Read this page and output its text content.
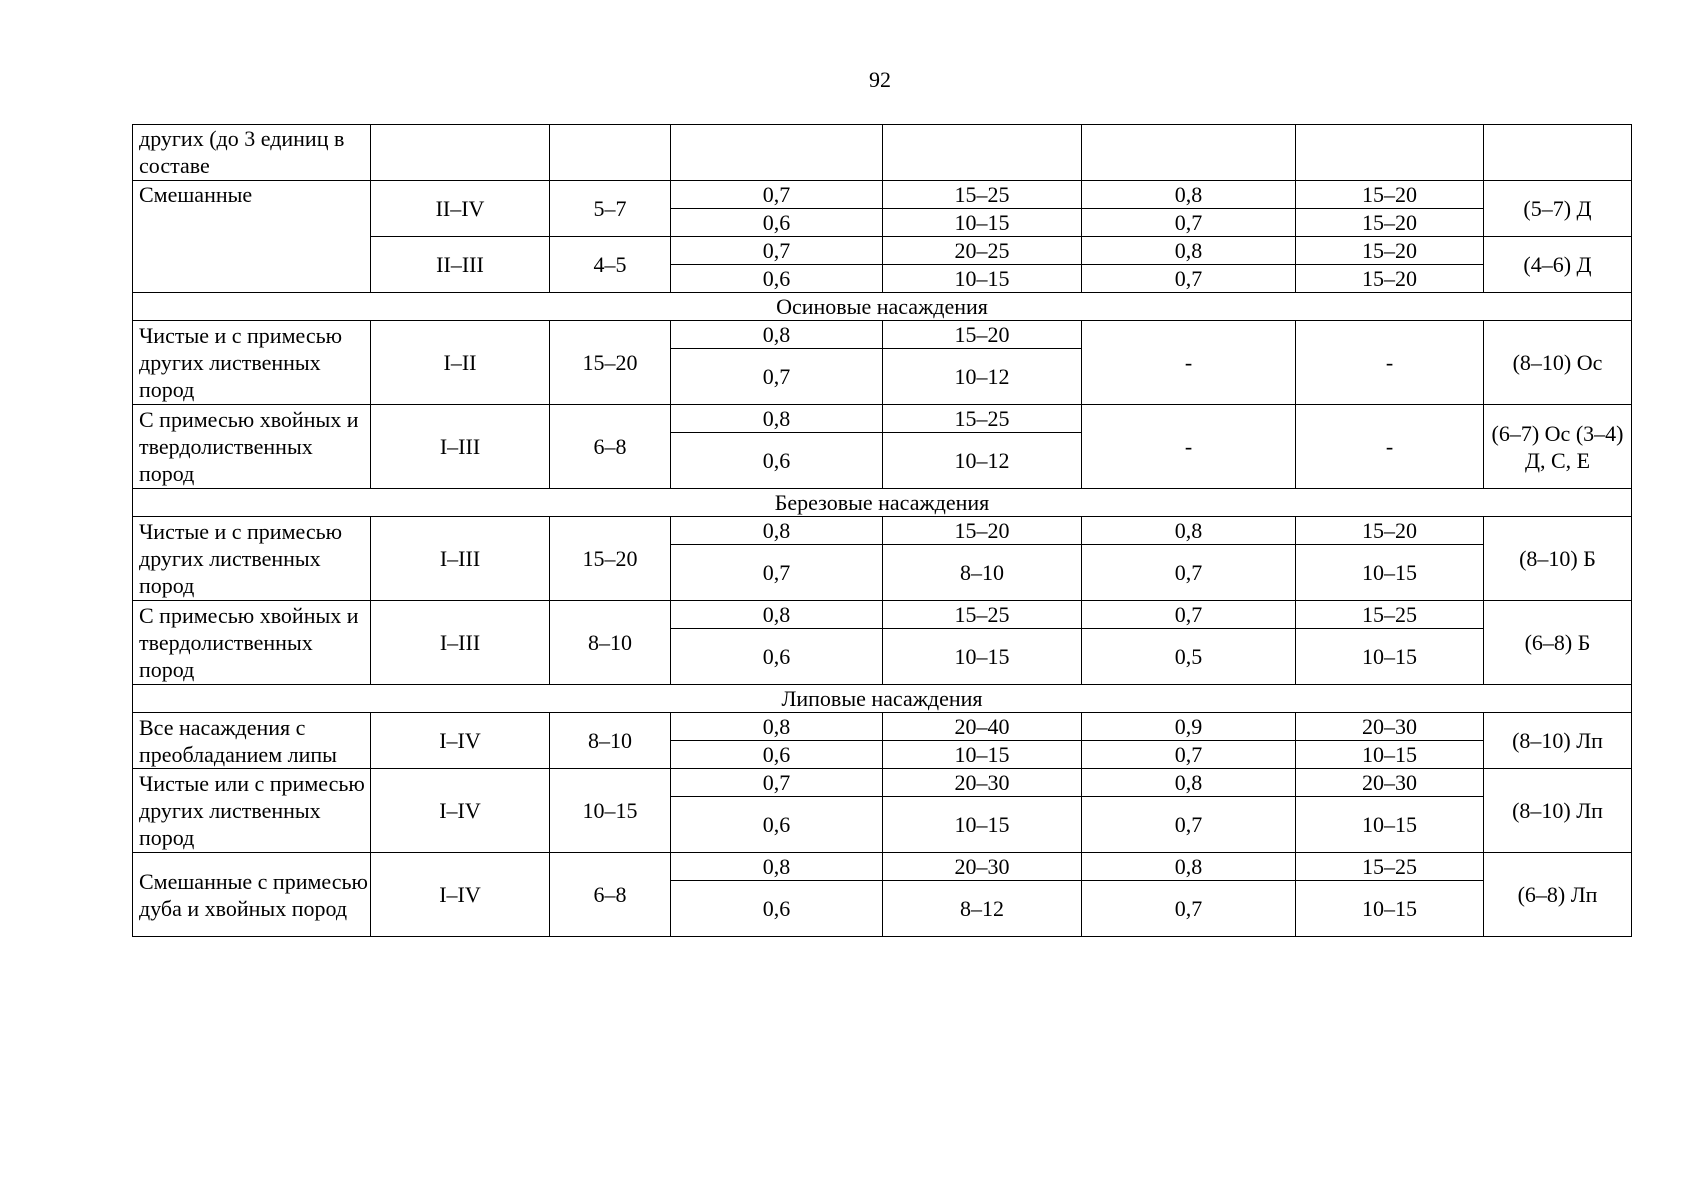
92
других (до 3 единиц в составе							
Смешанные	II–IV	5–7	0,7	15–25	0,8	15–20	(5–7) Д
			0,6	10–15	0,7	15–20	
	II–III	4–5	0,7	20–25	0,8	15–20	(4–6) Д
			0,6	10–15	0,7	15–20	
Осиновые насаждения							
Чистые и с примесью других лиственных пород	I–II	15–20	0,8	15–20	-	-	(8–10) Ос
			0,7	10–12			
С примесью хвойных и твердолиственных пород	I–III	6–8	0,8	15–25	-	-	(6–7) Ос (3–4) Д, С, Е
			0,6	10–12			
Березовые насаждения							
Чистые и с примесью других лиственных пород	I–III	15–20	0,8	15–20	0,8	15–20	(8–10) Б
			0,7	8–10	0,7	10–15	
С примесью хвойных и твердолиственных пород	I–III	8–10	0,8	15–25	0,7	15–25	(6–8) Б
			0,6	10–15	0,5	10–15	
Липовые насаждения							
Все насаждения с преобладанием липы	I–IV	8–10	0,8	20–40	0,9	20–30	(8–10) Лп
			0,6	10–15	0,7	10–15	
Чистые или с примесью других лиственных пород	I–IV	10–15	0,7	20–30	0,8	20–30	(8–10) Лп
			0,6	10–15	0,7	10–15	
Смешанные с примесью дуба и хвойных пород	I–IV	6–8	0,8	20–30	0,8	15–25	(6–8) Лп
			0,6	8–12	0,7	10–15	
